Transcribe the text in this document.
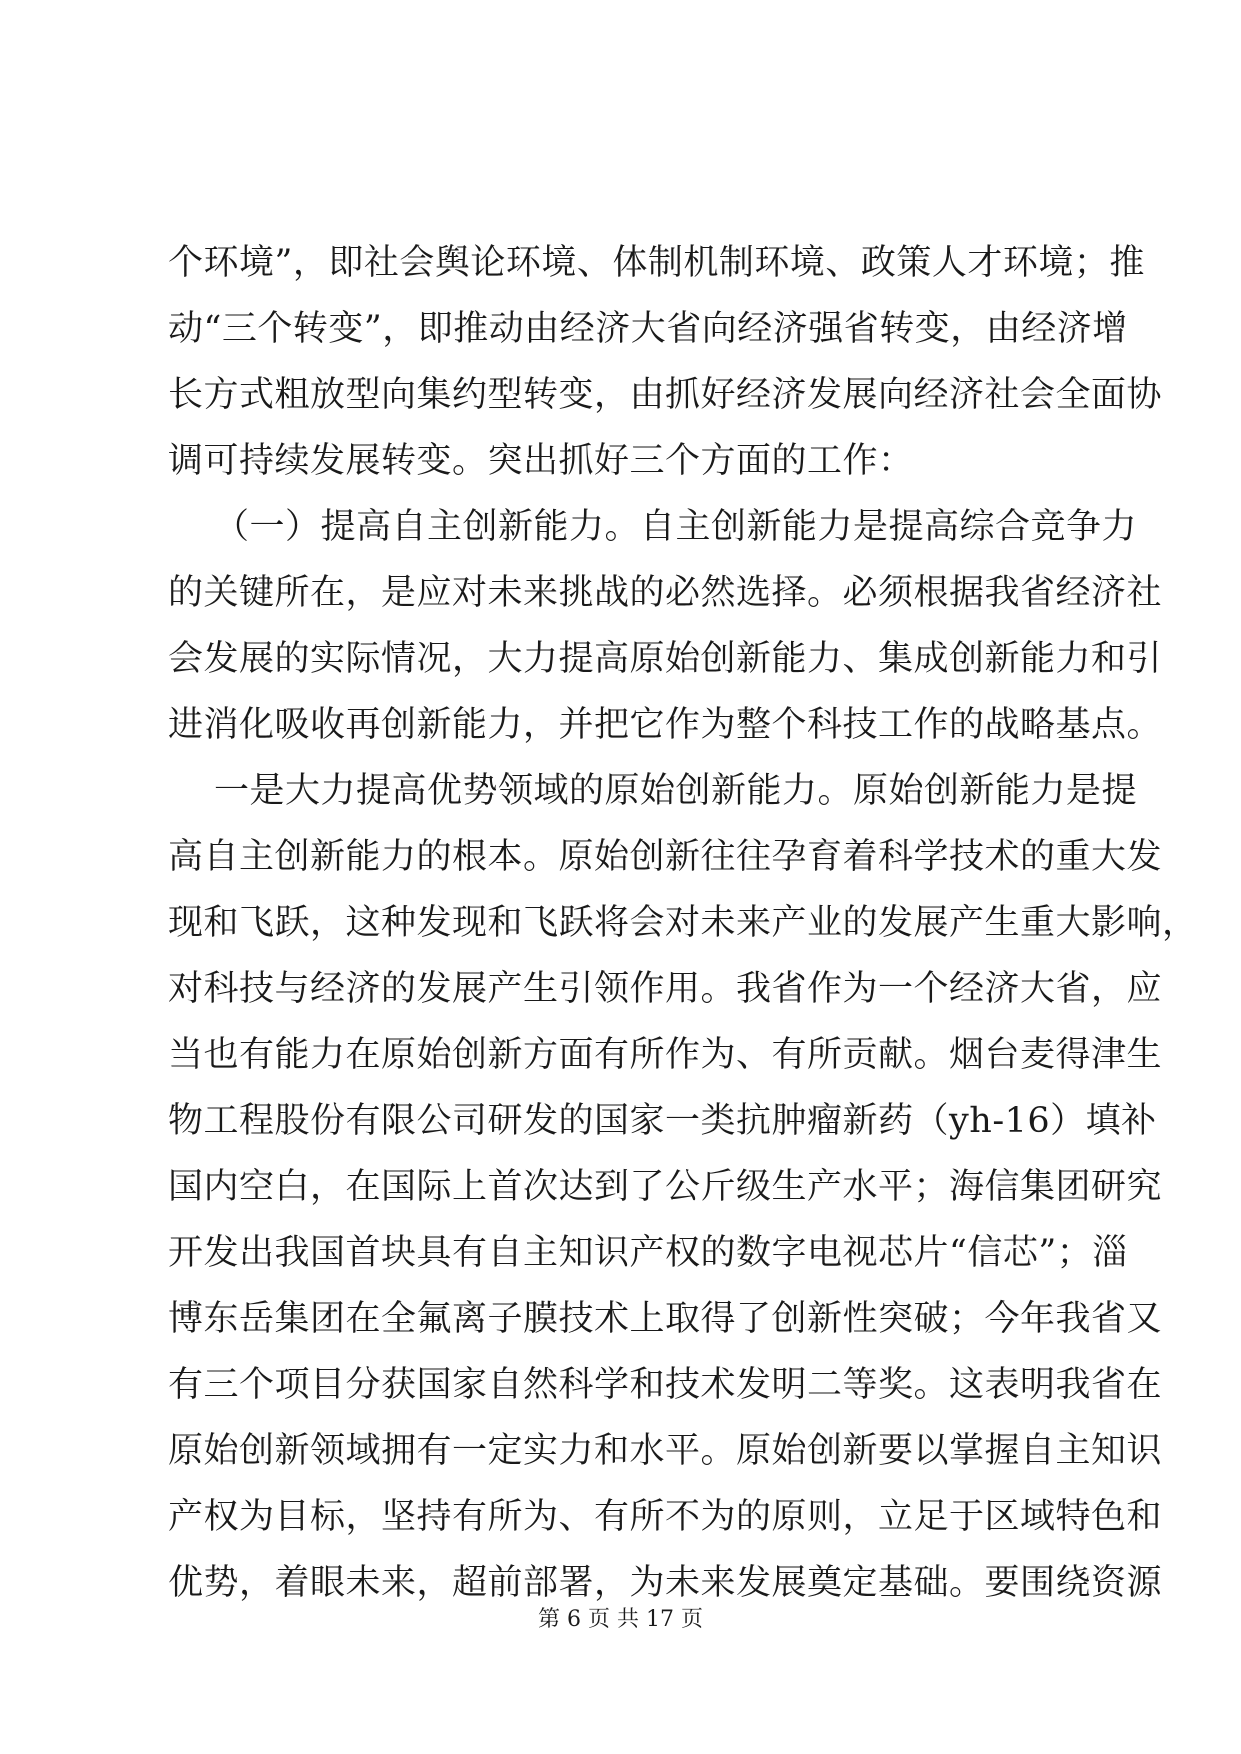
个环境”，即社会舆论环境、体制机制环境、政策人才环境；推
动“三个转变”，即推动由经济大省向经济强省转变，由经济增
长方式粗放型向集约型转变，由抓好经济发展向经济社会全面协
调可持续发展转变。突出抓好三个方面的工作：
（一）提高自主创新能力。自主创新能力是提高综合竞争力
的关键所在，是应对未来挑战的必然选择。必须根据我省经济社
会发展的实际情况，大力提高原始创新能力、集成创新能力和引
进消化吸收再创新能力，并把它作为整个科技工作的战略基点。
一是大力提高优势领域的原始创新能力。原始创新能力是提
高自主创新能力的根本。原始创新往往孕育着科学技术的重大发
现和飞跃，这种发现和飞跃将会对未来产业的发展产生重大影响，
对科技与经济的发展产生引领作用。我省作为一个经济大省，应
当也有能力在原始创新方面有所作为、有所贡献。烟台麦得津生
物工程股份有限公司研发的国家一类抗肿瘤新药（yh-16）填补
国内空白，在国际上首次达到了公斤级生产水平；海信集团研究
开发出我国首块具有自主知识产权的数字电视芯片“信芯”；淄
博东岳集团在全氟离子膜技术上取得了创新性突破；今年我省又
有三个项目分获国家自然科学和技术发明二等奖。这表明我省在
原始创新领域拥有一定实力和水平。原始创新要以掌握自主知识
产权为目标，坚持有所为、有所不为的原则，立足于区域特色和
优势，着眼未来，超前部署，为未来发展奠定基础。要围绕资源
第 6 页 共 17 页
